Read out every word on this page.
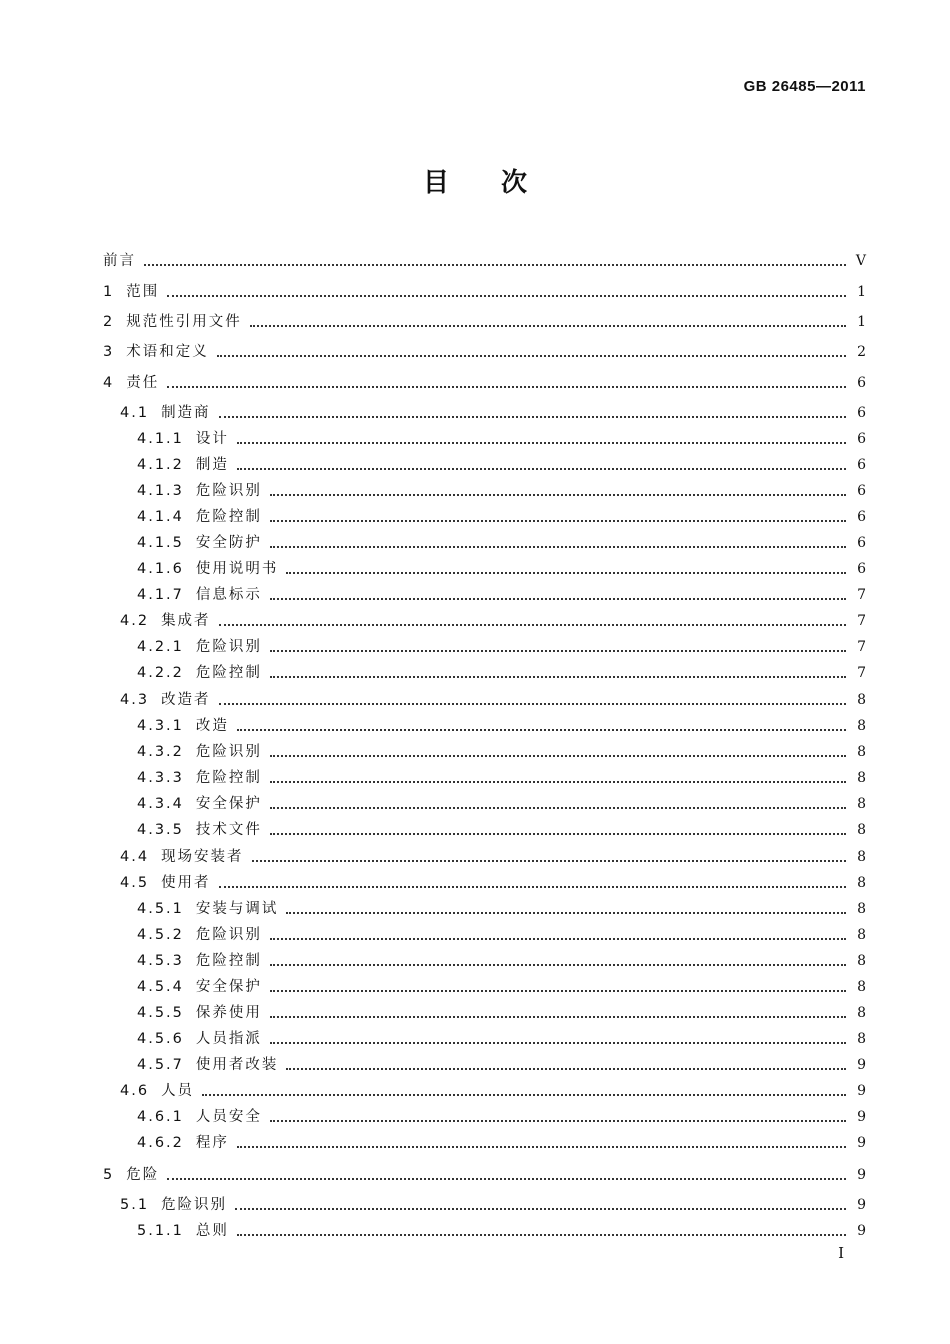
GB 26485—2011
目次
前言	V
1 范围	1
2 规范性引用文件	1
3 术语和定义	2
4 责任	6
4.1 制造商	6
4.1.1 设计	6
4.1.2 制造	6
4.1.3 危险识别	6
4.1.4 危险控制	6
4.1.5 安全防护	6
4.1.6 使用说明书	6
4.1.7 信息标示	7
4.2 集成者	7
4.2.1 危险识别	7
4.2.2 危险控制	7
4.3 改造者	8
4.3.1 改造	8
4.3.2 危险识别	8
4.3.3 危险控制	8
4.3.4 安全保护	8
4.3.5 技术文件	8
4.4 现场安装者	8
4.5 使用者	8
4.5.1 安装与调试	8
4.5.2 危险识别	8
4.5.3 危险控制	8
4.5.4 安全保护	8
4.5.5 保养使用	8
4.5.6 人员指派	8
4.5.7 使用者改装	9
4.6 人员	9
4.6.1 人员安全	9
4.6.2 程序	9
5 危险	9
5.1 危险识别	9
5.1.1 总则	9
I
